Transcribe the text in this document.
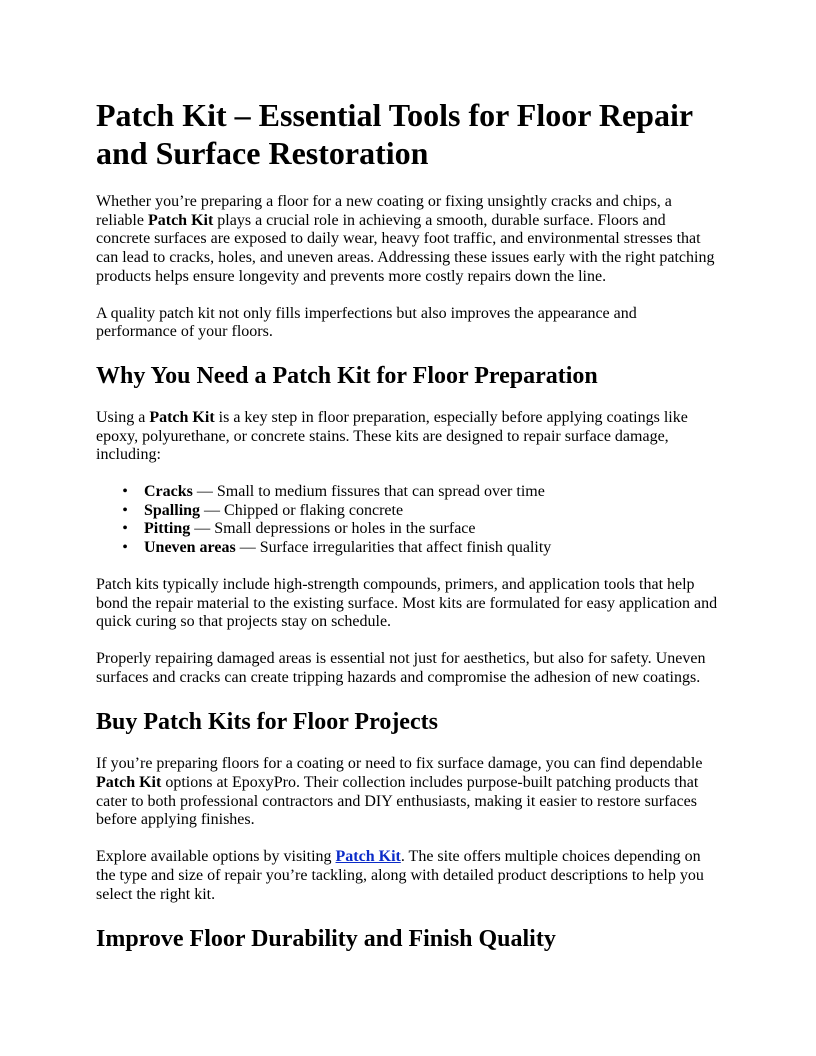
Patch Kit – Essential Tools for Floor Repair and Surface Restoration

Whether you’re preparing a floor for a new coating or fixing unsightly cracks and chips, a reliable Patch Kit plays a crucial role in achieving a smooth, durable surface. Floors and concrete surfaces are exposed to daily wear, heavy foot traffic, and environmental stresses that can lead to cracks, holes, and uneven areas. Addressing these issues early with the right patching products helps ensure longevity and prevents more costly repairs down the line.

A quality patch kit not only fills imperfections but also improves the appearance and performance of your floors.

Why You Need a Patch Kit for Floor Preparation

Using a Patch Kit is a key step in floor preparation, especially before applying coatings like epoxy, polyurethane, or concrete stains. These kits are designed to repair surface damage, including:

• Cracks — Small to medium fissures that can spread over time
• Spalling — Chipped or flaking concrete
• Pitting — Small depressions or holes in the surface
• Uneven areas — Surface irregularities that affect finish quality

Patch kits typically include high-strength compounds, primers, and application tools that help bond the repair material to the existing surface. Most kits are formulated for easy application and quick curing so that projects stay on schedule.

Properly repairing damaged areas is essential not just for aesthetics, but also for safety. Uneven surfaces and cracks can create tripping hazards and compromise the adhesion of new coatings.

Buy Patch Kits for Floor Projects

If you’re preparing floors for a coating or need to fix surface damage, you can find dependable Patch Kit options at EpoxyPro. Their collection includes purpose-built patching products that cater to both professional contractors and DIY enthusiasts, making it easier to restore surfaces before applying finishes.

Explore available options by visiting Patch Kit. The site offers multiple choices depending on the type and size of repair you’re tackling, along with detailed product descriptions to help you select the right kit.

Improve Floor Durability and Finish Quality
